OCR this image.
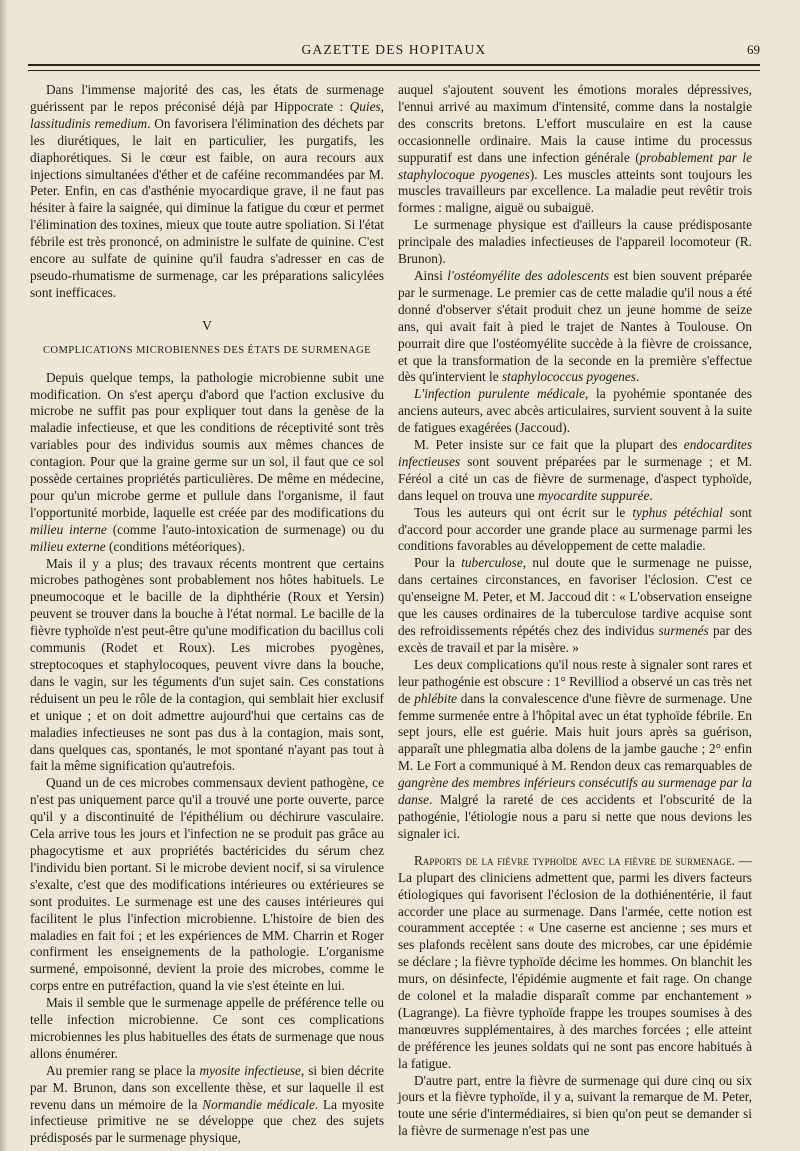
GAZETTE DES HOPITAUX	69

Dans l'immense majorité des cas, les états de surmenage guérissent par le repos préconisé déjà par Hippocrate : Quies, lassitudinis remedium. On favorisera l'élimination des déchets par les diurétiques, le lait en particulier, les purgatifs, les diaphorétiques. Si le cœur est faible, on aura recours aux injections simultanées d'éther et de caféine recommandées par M. Peter. Enfin, en cas d'asthénie myocardique grave, il ne faut pas hésiter à faire la saignée, qui diminue la fatigue du cœur et permet l'élimination des toxines, mieux que toute autre spoliation. Si l'état fébrile est très prononcé, on administre le sulfate de quinine. C'est encore au sulfate de quinine qu'il faudra s'adresser en cas de pseudo-rhumatisme de surmenage, car les préparations salicylées sont inefficaces.

V
COMPLICATIONS MICROBIENNES DES ÉTATS DE SURMENAGE

Depuis quelque temps, la pathologie microbienne subit une modification. On s'est aperçu d'abord que l'action exclusive du microbe ne suffit pas pour expliquer tout dans la genèse de la maladie infectieuse, et que les conditions de réceptivité sont très variables pour des individus soumis aux mêmes chances de contagion. Pour que la graine germe sur un sol, il faut que ce sol possède certaines propriétés particulières. De même en médecine, pour qu'un microbe germe et pullule dans l'organisme, il faut l'opportunité morbide, laquelle est créée par des modifications du milieu interne (comme l'auto-intoxication de surmenage) ou du milieu externe (conditions météoriques).

Mais il y a plus; des travaux récents montrent que certains microbes pathogènes sont probablement nos hôtes habituels. Le pneumocoque et le bacille de la diphthérie (Roux et Yersin) peuvent se trouver dans la bouche à l'état normal. Le bacille de la fièvre typhoïde n'est peut-être qu'une modification du bacillus coli communis (Rodet et Roux). Les microbes pyogènes, streptocoques et staphylocoques, peuvent vivre dans la bouche, dans le vagin, sur les téguments d'un sujet sain. Ces constations réduisent un peu le rôle de la contagion, qui semblait hier exclusif et unique ; et on doit admettre aujourd'hui que certains cas de maladies infectieuses ne sont pas dus à la contagion, mais sont, dans quelques cas, spontanés, le mot spontané n'ayant pas tout à fait la même signification qu'autrefois.

Quand un de ces microbes commensaux devient pathogène, ce n'est pas uniquement parce qu'il a trouvé une porte ouverte, parce qu'il y a discontinuité de l'épithélium ou déchirure vasculaire. Cela arrive tous les jours et l'infection ne se produit pas grâce au phagocytisme et aux propriétés bactéricides du sérum chez l'individu bien portant. Si le microbe devient nocif, si sa virulence s'exalte, c'est que des modifications intérieures ou extérieures se sont produites. Le surmenage est une des causes intérieures qui facilitent le plus l'infection microbienne. L'histoire de bien des maladies en fait foi ; et les expériences de MM. Charrin et Roger confirment les enseignements de la pathologie. L'organisme surmené, empoisonné, devient la proie des microbes, comme le corps entre en putréfaction, quand la vie s'est éteinte en lui.

Mais il semble que le surmenage appelle de préférence telle ou telle infection microbienne. Ce sont ces complications microbiennes les plus habituelles des états de surmenage que nous allons énumérer.

Au premier rang se place la myosite infectieuse, si bien décrite par M. Brunon, dans son excellente thèse, et sur laquelle il est revenu dans un mémoire de la Normandie médicale. La myosite infectieuse primitive ne se développe que chez des sujets prédisposés par le surmenage physique,

auquel s'ajoutent souvent les émotions morales dépressives, l'ennui arrivé au maximum d'intensité, comme dans la nostalgie des conscrits bretons. L'effort musculaire en est la cause occasionnelle ordinaire. Mais la cause intime du processus suppuratif est dans une infection générale (probablement par le staphylocoque pyogenes). Les muscles atteints sont toujours les muscles travailleurs par excellence. La maladie peut revêtir trois formes : maligne, aiguë ou subaiguë.

Le surmenage physique est d'ailleurs la cause prédisposante principale des maladies infectieuses de l'appareil locomoteur (R. Brunon).

Ainsi l'ostéomyélite des adolescents est bien souvent préparée par le surmenage. Le premier cas de cette maladie qu'il nous a été donné d'observer s'était produit chez un jeune homme de seize ans, qui avait fait à pied le trajet de Nantes à Toulouse. On pourrait dire que l'ostéomyélite succède à la fièvre de croissance, et que la transformation de la seconde en la première s'effectue dès qu'intervient le staphylococcus pyogenes.

L'infection purulente médicale, la pyohémie spontanée des anciens auteurs, avec abcès articulaires, survient souvent à la suite de fatigues exagérées (Jaccoud).

M. Peter insiste sur ce fait que la plupart des endocardites infectieuses sont souvent préparées par le surmenage ; et M. Féréol a cité un cas de fièvre de surmenage, d'aspect typhoïde, dans lequel on trouva une myocardite suppurée.

Tous les auteurs qui ont écrit sur le typhus pétéchial sont d'accord pour accorder une grande place au surmenage parmi les conditions favorables au développement de cette maladie.

Pour la tuberculose, nul doute que le surmenage ne puisse, dans certaines circonstances, en favoriser l'éclosion. C'est ce qu'enseigne M. Peter, et M. Jaccoud dit : « L'observation enseigne que les causes ordinaires de la tuberculose tardive acquise sont des refroidissements répétés chez des individus surmenés par des excès de travail et par la misère. »

Les deux complications qu'il nous reste à signaler sont rares et leur pathogénie est obscure : 1° Revilliod a observé un cas très net de phlébite dans la convalescence d'une fièvre de surmenage. Une femme surmenée entre à l'hôpital avec un état typhoïde fébrile. En sept jours, elle est guérie. Mais huit jours après sa guérison, apparaît une phlegmatia alba dolens de la jambe gauche ; 2° enfin M. Le Fort a communiqué à M. Rendon deux cas remarquables de gangrène des membres inférieurs consécutifs au surmenage par la danse. Malgré la rareté de ces accidents et l'obscurité de la pathogénie, l'étiologie nous a paru si nette que nous devions les signaler ici.

Rapports de la fièvre typhoïde avec la fièvre de surmenage. — La plupart des cliniciens admettent que, parmi les divers facteurs étiologiques qui favorisent l'éclosion de la dothiénentérie, il faut accorder une place au surmenage. Dans l'armée, cette notion est couramment acceptée : « Une caserne est ancienne ; ses murs et ses plafonds recèlent sans doute des microbes, car une épidémie se déclare ; la fièvre typhoïde décime les hommes. On blanchit les murs, on désinfecte, l'épidémie augmente et fait rage. On change de colonel et la maladie disparaît comme par enchantement » (Lagrange). La fièvre typhoïde frappe les troupes soumises à des manœuvres supplémentaires, à des marches forcées ; elle atteint de préférence les jeunes soldats qui ne sont pas encore habitués à la fatigue.

D'autre part, entre la fièvre de surmenage qui dure cinq ou six jours et la fièvre typhoïde, il y a, suivant la remarque de M. Peter, toute une série d'intermédiaires, si bien qu'on peut se demander si la fièvre de surmenage n'est pas une
